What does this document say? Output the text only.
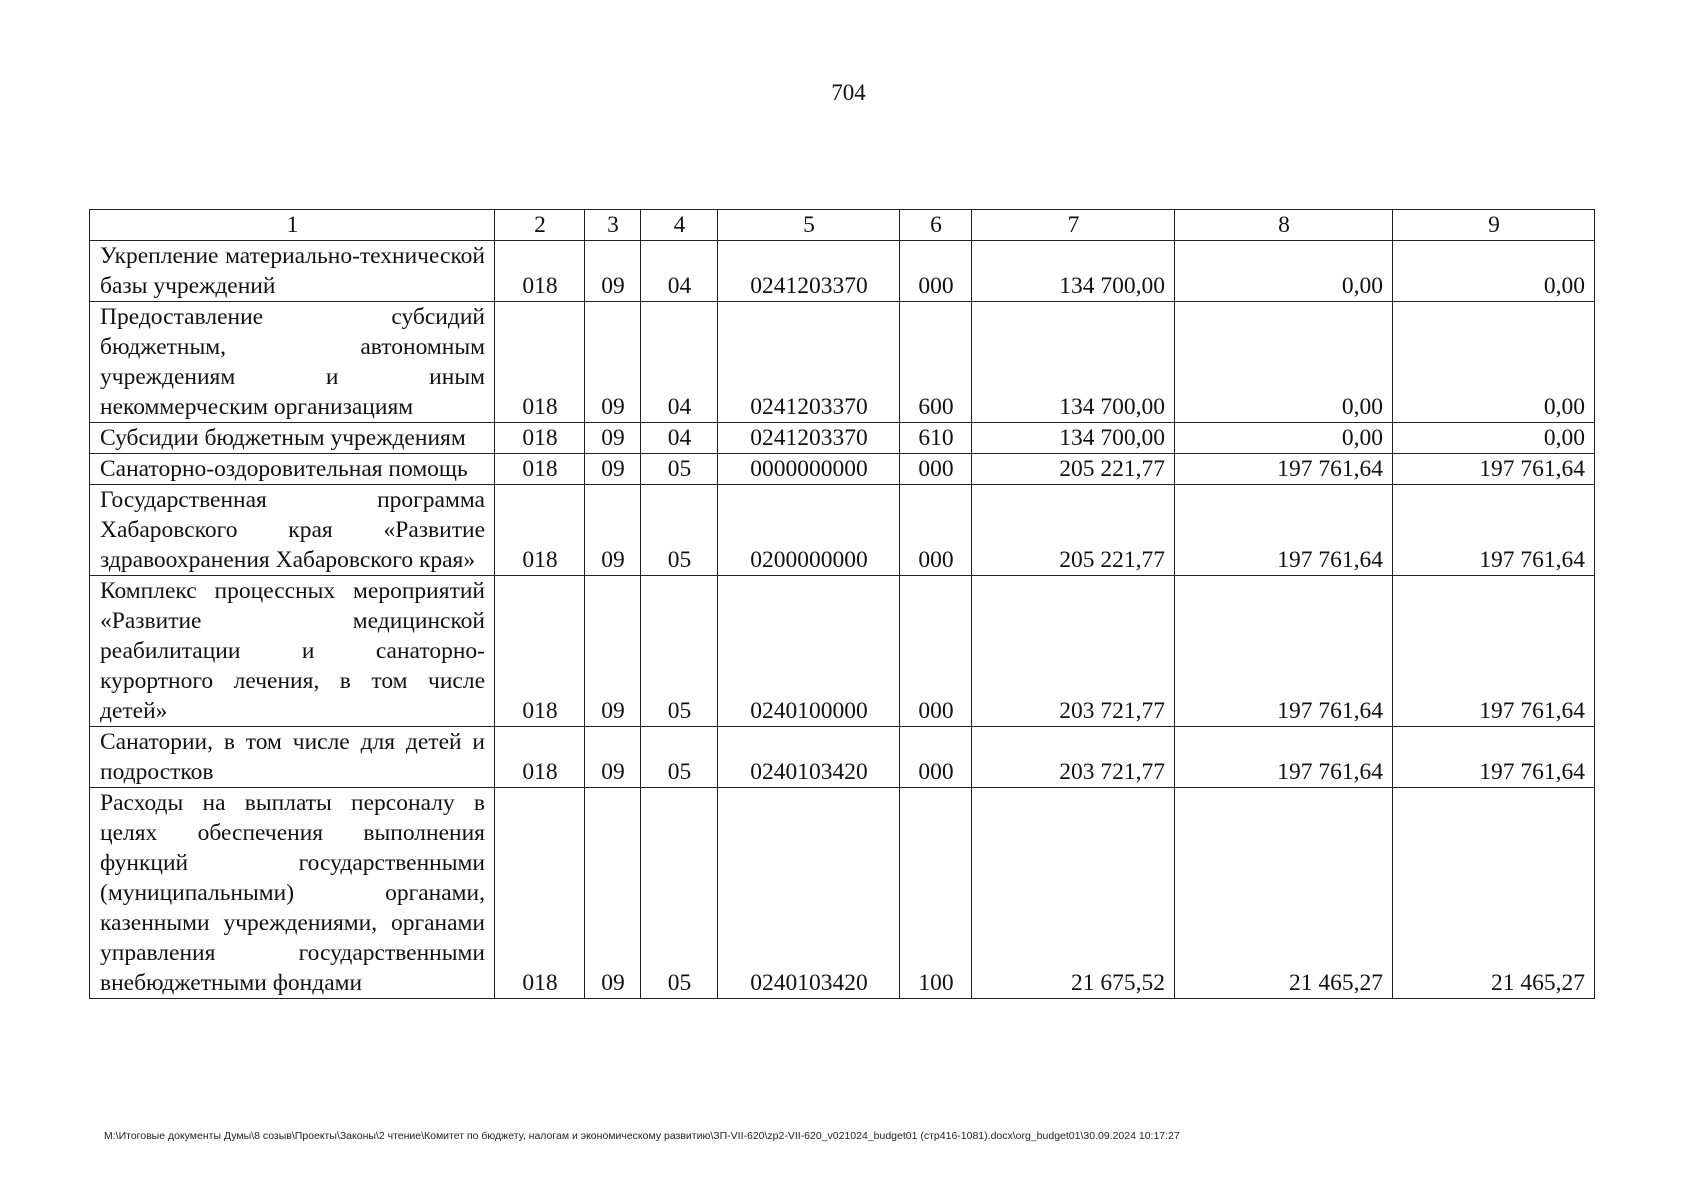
704
1	2	3	4	5	6	7	8	9
Укрепление материально-технической базы учреждений	018	09	04	0241203370	000	134 700,00	0,00	0,00
Предоставление субсидий бюджетным, автономным учреждениям и иным некоммерческим организациям	018	09	04	0241203370	600	134 700,00	0,00	0,00
Субсидии бюджетным учреждениям	018	09	04	0241203370	610	134 700,00	0,00	0,00
Санаторно-оздоровительная помощь	018	09	05	0000000000	000	205 221,77	197 761,64	197 761,64
Государственная программа Хабаровского края «Развитие здравоохранения Хабаровского края»	018	09	05	0200000000	000	205 221,77	197 761,64	197 761,64
Комплекс процессных мероприятий «Развитие медицинской реабилитации и санаторно-курортного лечения, в том числе детей»	018	09	05	0240100000	000	203 721,77	197 761,64	197 761,64
Санатории, в том числе для детей и подростков	018	09	05	0240103420	000	203 721,77	197 761,64	197 761,64
Расходы на выплаты персоналу в целях обеспечения выполнения функций государственными (муниципальными) органами, казенными учреждениями, органами управления государственными внебюджетными фондами	018	09	05	0240103420	100	21 675,52	21 465,27	21 465,27
М:\Итоговые документы Думы\8 созыв\Проекты\Законы\2 чтение\Комитет по бюджету, налогам и экономическому развитию\ЗП-VII-620\zp2-VII-620_v021024_budget01 (стр416-1081).docx\org_budget01\30.09.2024 10:17:27
